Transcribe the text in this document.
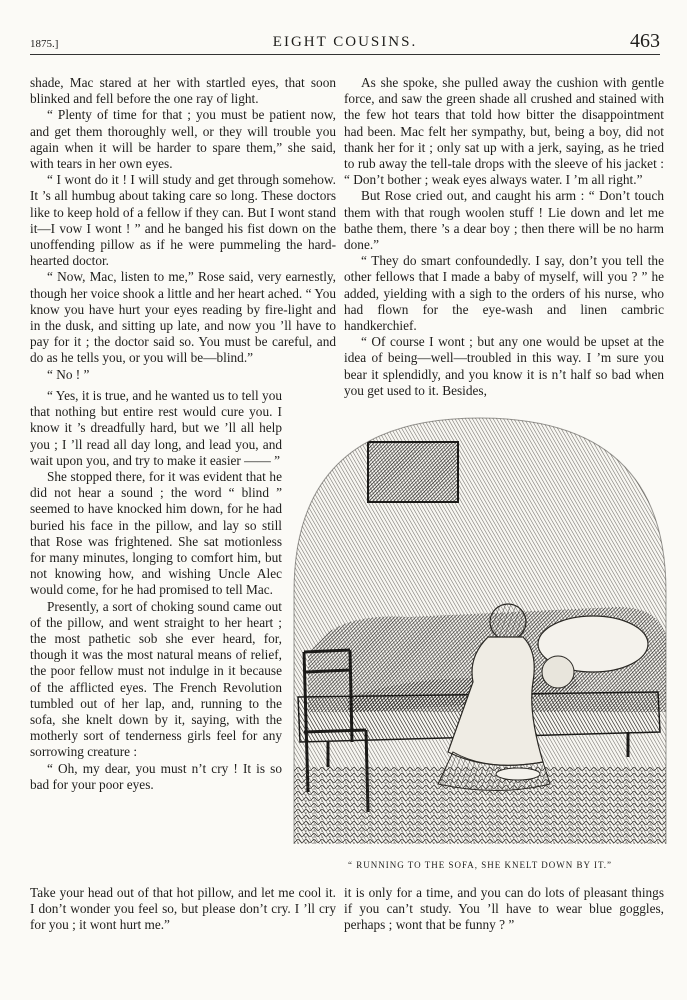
1875.]	EIGHT COUSINS.	463

shade, Mac stared at her with startled eyes, that soon blinked and fell before the one ray of light.

“ Plenty of time for that ; you must be patient now, and get them thoroughly well, or they will trouble you again when it will be harder to spare them,” she said, with tears in her own eyes.

“ I wont do it ! I will study and get through somehow. It ’s all humbug about taking care so long. These doctors like to keep hold of a fellow if they can. But I wont stand it—I vow I wont ! ” and he banged his fist down on the unoffending pillow as if he were pummeling the hard-hearted doctor.

“ Now, Mac, listen to me,” Rose said, very earnestly, though her voice shook a little and her heart ached. “ You know you have hurt your eyes reading by fire-light and in the dusk, and sitting up late, and now you ’ll have to pay for it ; the doctor said so. You must be careful, and do as he tells you, or you will be—blind.”

“ No ! ”

As she spoke, she pulled away the cushion with gentle force, and saw the green shade all crushed and stained with the few hot tears that told how bitter the disappointment had been. Mac felt her sympathy, but, being a boy, did not thank her for it ; only sat up with a jerk, saying, as he tried to rub away the tell-tale drops with the sleeve of his jacket : “ Don’t bother ; weak eyes always water. I ’m all right.”

But Rose cried out, and caught his arm : “ Don’t touch them with that rough woolen stuff ! Lie down and let me bathe them, there ’s a dear boy ; then there will be no harm done.”

“ They do smart confoundedly. I say, don’t you tell the other fellows that I made a baby of myself, will you ? ” he added, yielding with a sigh to the orders of his nurse, who had flown for the eye-wash and linen cambric handkerchief.

“ Of course I wont ; but any one would be upset at the idea of being—well—troubled in this way. I ’m sure you bear it splendidly, and you know it is n’t half so bad when you get used to it. Besides,

“ Yes, it is true, and he wanted us to tell you that nothing but entire rest would cure you. I know it ’s dreadfully hard, but we ’ll all help you ; I ’ll read all day long, and lead you, and wait upon you, and try to make it easier —— ”

She stopped there, for it was evident that he did not hear a sound ; the word “ blind ” seemed to have knocked him down, for he had buried his face in the pillow, and lay so still that Rose was frightened. She sat motionless for many minutes, longing to comfort him, but not knowing how, and wishing Uncle Alec would come, for he had promised to tell Mac.

Presently, a sort of choking sound came out of the pillow, and went straight to her heart ; the most pathetic sob she ever heard, for, though it was the most natural means of relief, the poor fellow must not indulge in it because of the afflicted eyes. The French Revolution tumbled out of her lap, and, running to the sofa, she knelt down by it, saying, with the motherly sort of tenderness girls feel for any sorrowing creature :

“ Oh, my dear, you must n’t cry ! It is so bad for your poor eyes.

“ RUNNING TO THE SOFA, SHE KNELT DOWN BY IT.”

Take your head out of that hot pillow, and let me cool it. I don’t wonder you feel so, but please don’t cry. I ’ll cry for you ; it wont hurt me.”

it is only for a time, and you can do lots of pleasant things if you can’t study. You ’ll have to wear blue goggles, perhaps ; wont that be funny ? ”
